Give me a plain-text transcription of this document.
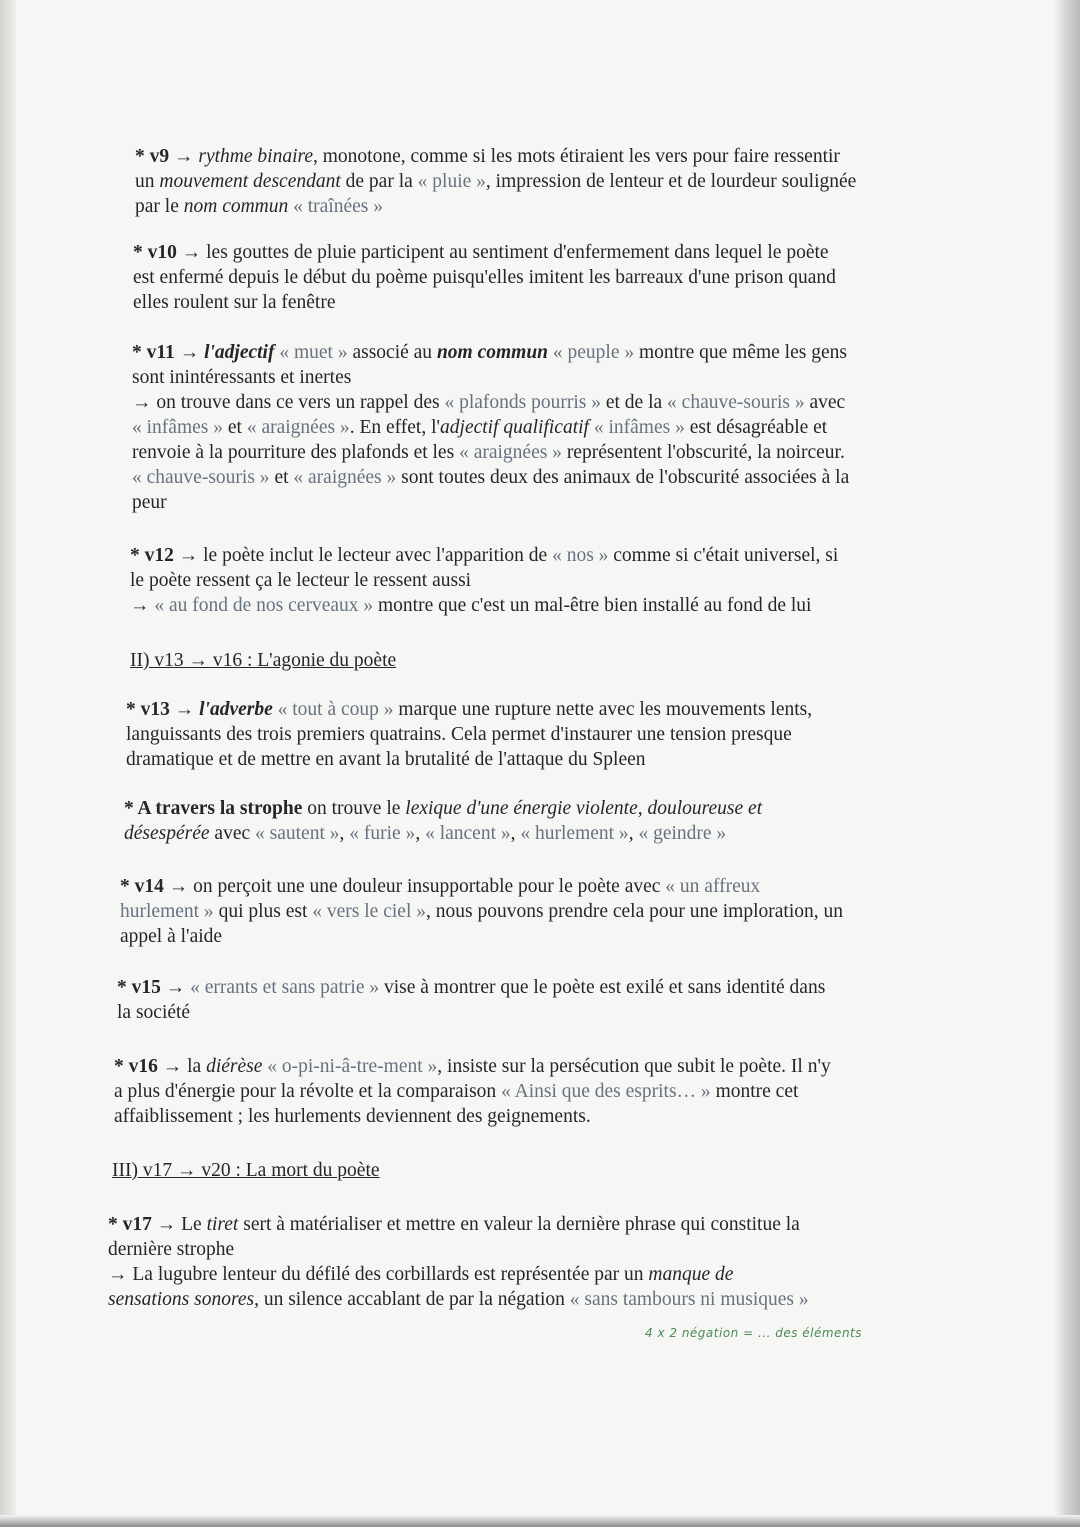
* v9 → rythme binaire, monotone, comme si les mots étiraient les vers pour faire ressentir

un mouvement descendant de par la « pluie », impression de lenteur et de lourdeur soulignée

par le nom commun « traînées »

* v10 → les gouttes de pluie participent au sentiment d'enfermement dans lequel le poète

est enfermé depuis le début du poème puisqu'elles imitent les barreaux d'une prison quand

elles roulent sur la fenêtre

* v11 → l'adjectif « muet » associé au nom commun « peuple » montre que même les gens

sont inintéressants et inertes

→ on trouve dans ce vers un rappel des « plafonds pourris » et de la « chauve-souris » avec

« infâmes » et « araignées ». En effet, l'adjectif qualificatif « infâmes » est désagréable et

renvoie à la pourriture des plafonds et les « araignées » représentent l'obscurité, la noirceur.

« chauve-souris » et « araignées » sont toutes deux des animaux de l'obscurité associées à la

peur

* v12 → le poète inclut le lecteur avec l'apparition de « nos » comme si c'était universel, si

le poète ressent ça le lecteur le ressent aussi

→ « au fond de nos cerveaux » montre que c'est un mal-être bien installé au fond de lui

II) v13 → v16 : L'agonie du poète

* v13 → l'adverbe « tout à coup » marque une rupture nette avec les mouvements lents,

languissants des trois premiers quatrains. Cela permet d'instaurer une tension presque

dramatique et de mettre en avant la brutalité de l'attaque du Spleen

* A travers la strophe on trouve le lexique d'une énergie violente, douloureuse et

désespérée avec « sautent », « furie », « lancent », « hurlement », « geindre »

* v14 → on perçoit une une douleur insupportable pour le poète avec « un affreux

hurlement » qui plus est « vers le ciel », nous pouvons prendre cela pour une imploration, un

appel à l'aide

* v15 → « errants et sans patrie » vise à montrer que le poète est exilé et sans identité dans

la société

* v16 → la diérèse « o-pi-ni-â-tre-ment », insiste sur la persécution que subit le poète. Il n'y

a plus d'énergie pour la révolte et la comparaison « Ainsi que des esprits… » montre cet

affaiblissement ; les hurlements deviennent des geignements.

III) v17 → v20 : La mort du poète

* v17 → Le tiret sert à matérialiser et mettre en valeur la dernière phrase qui constitue la

dernière strophe

→ La lugubre lenteur du défilé des corbillards est représentée par un manque de

sensations sonores, un silence accablant de par la négation « sans tambours ni musiques »

4 x 2 négation = ... des éléments
